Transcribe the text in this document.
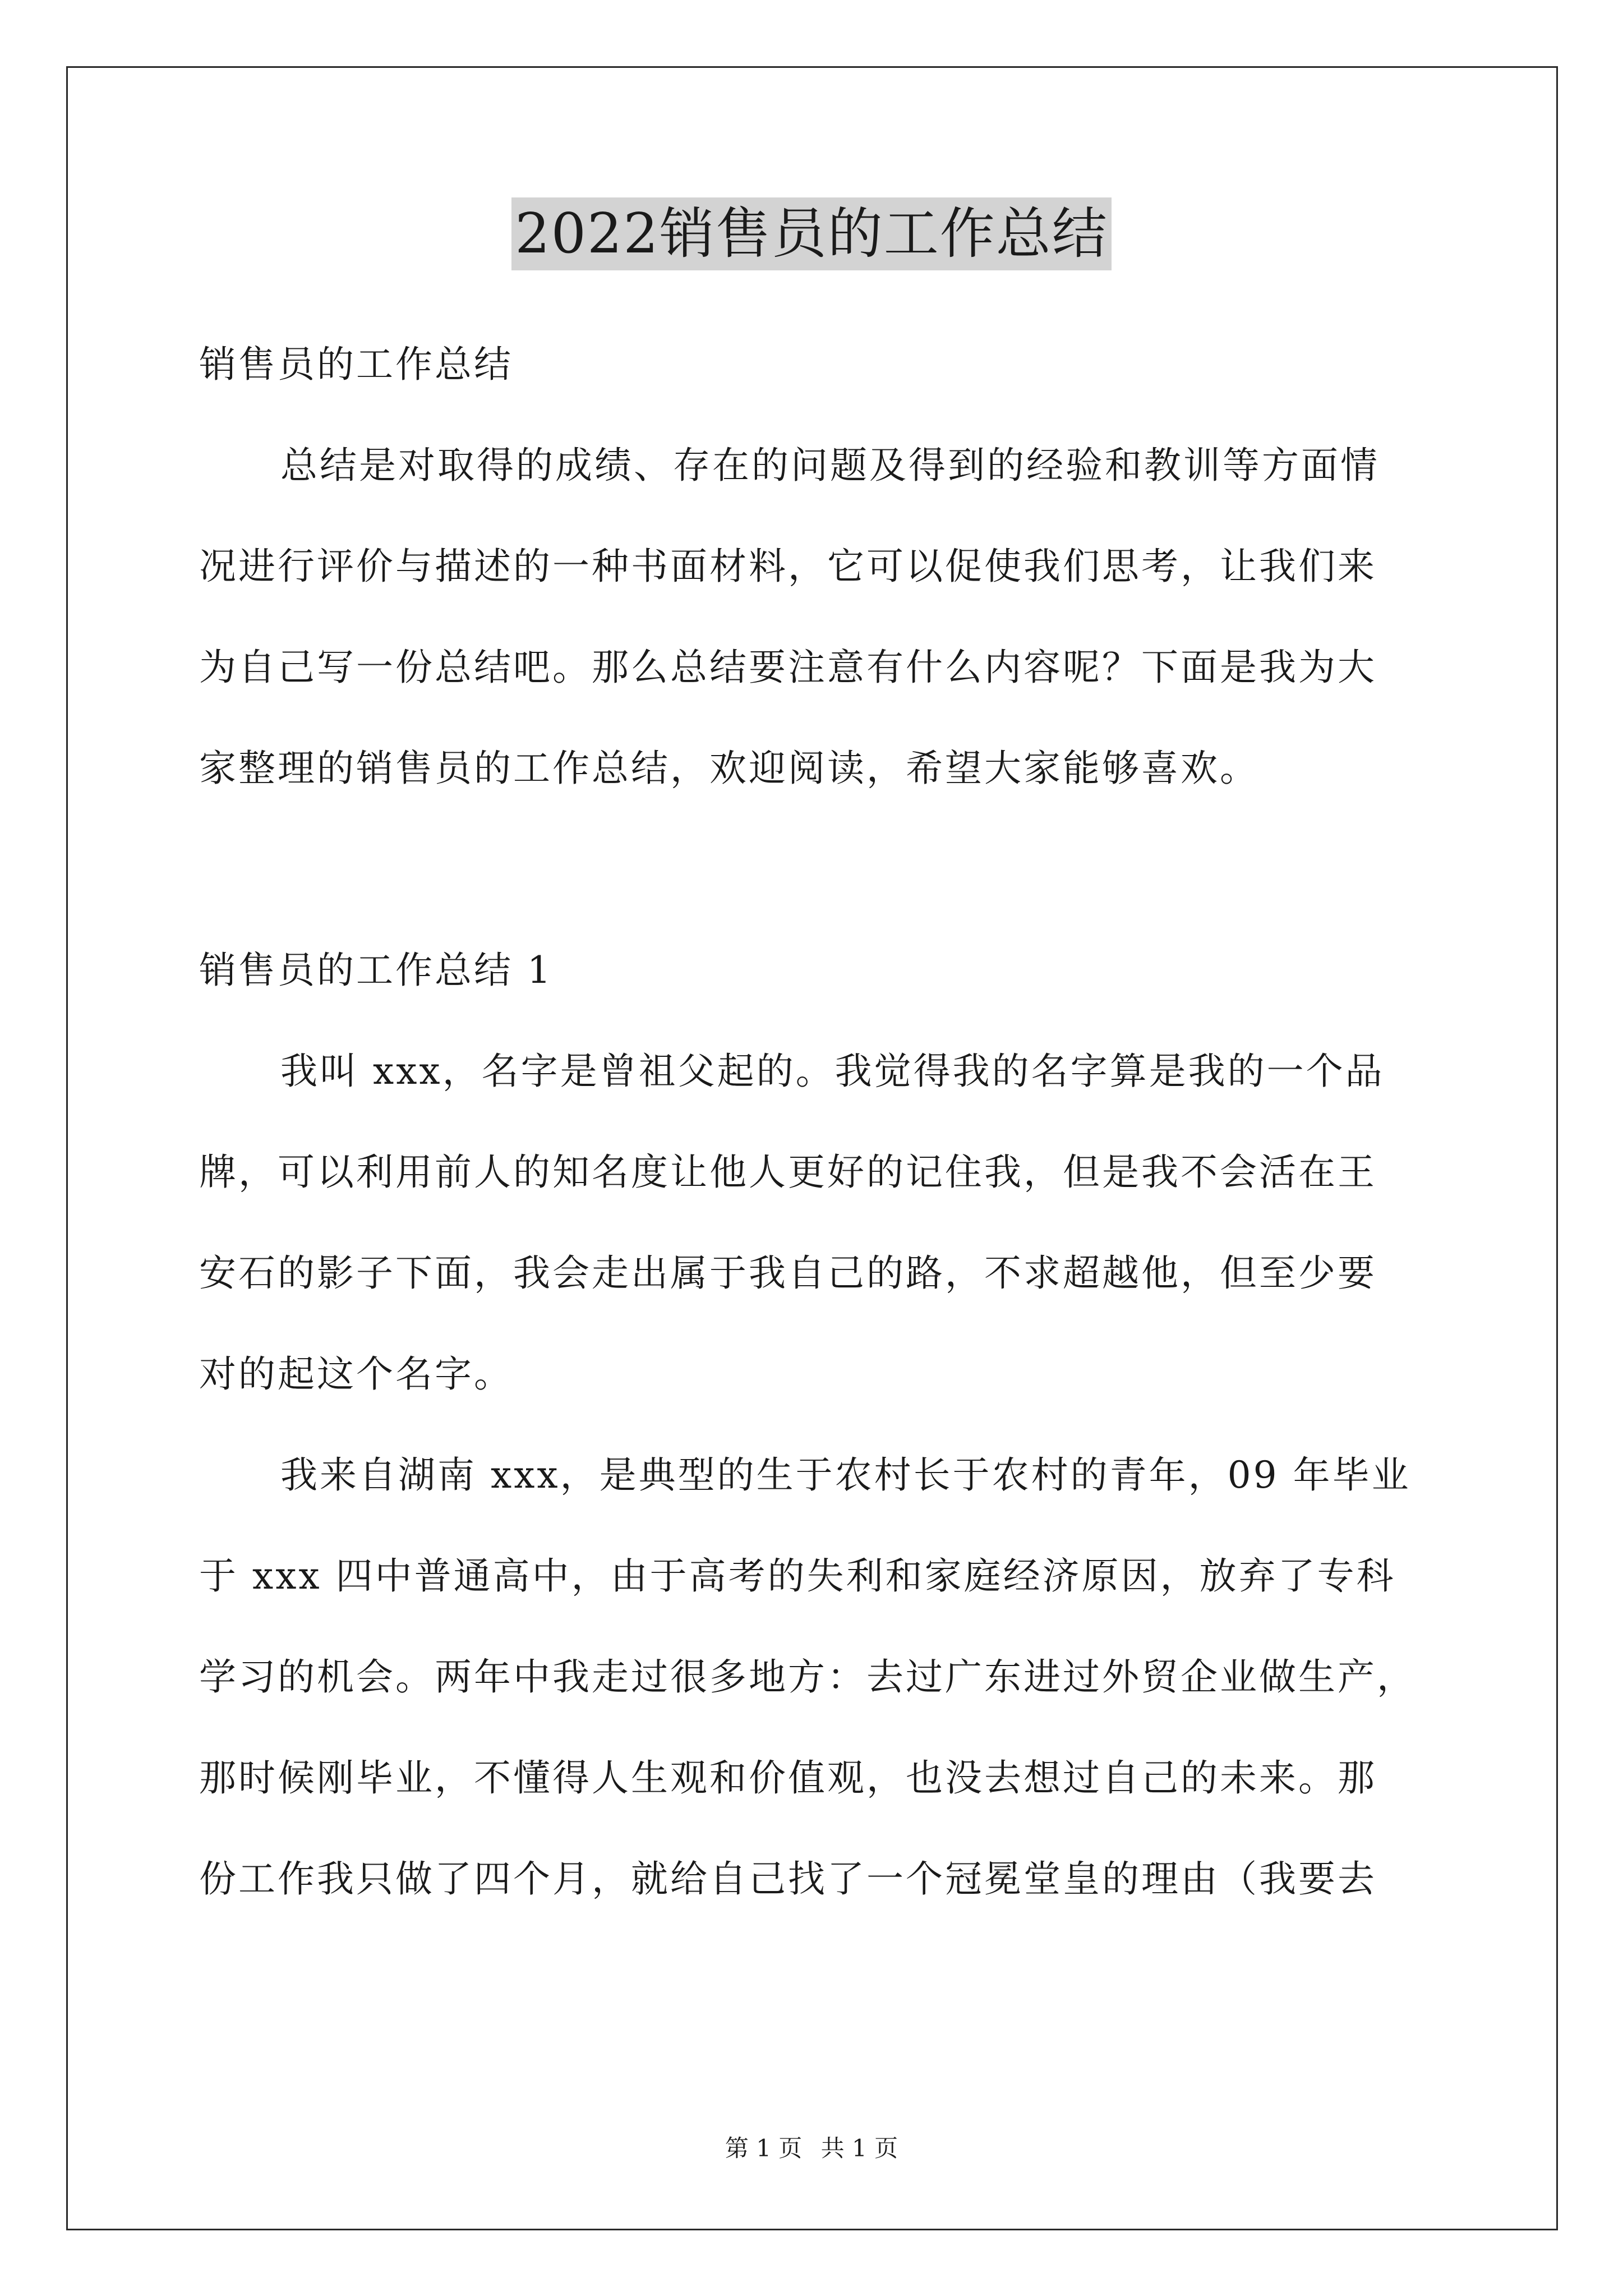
2022销售员的工作总结
销售员的工作总结
总结是对取得的成绩、存在的问题及得到的经验和教训等方面情
况进行评价与描述的一种书面材料，它可以促使我们思考，让我们来
为自己写一份总结吧。那么总结要注意有什么内容呢？下面是我为大
家整理的销售员的工作总结，欢迎阅读，希望大家能够喜欢。
销售员的工作总结 1
我叫 xxx，名字是曾祖父起的。我觉得我的名字算是我的一个品
牌，可以利用前人的知名度让他人更好的记住我，但是我不会活在王
安石的影子下面，我会走出属于我自己的路，不求超越他，但至少要
对的起这个名字。
我来自湖南 xxx，是典型的生于农村长于农村的青年，09 年毕业
于 xxx 四中普通高中，由于高考的失利和家庭经济原因，放弃了专科
学习的机会。两年中我走过很多地方：去过广东进过外贸企业做生产，
那时候刚毕业，不懂得人生观和价值观，也没去想过自己的未来。那
份工作我只做了四个月，就给自己找了一个冠冕堂皇的理由（我要去
第 1 页 共 1 页
